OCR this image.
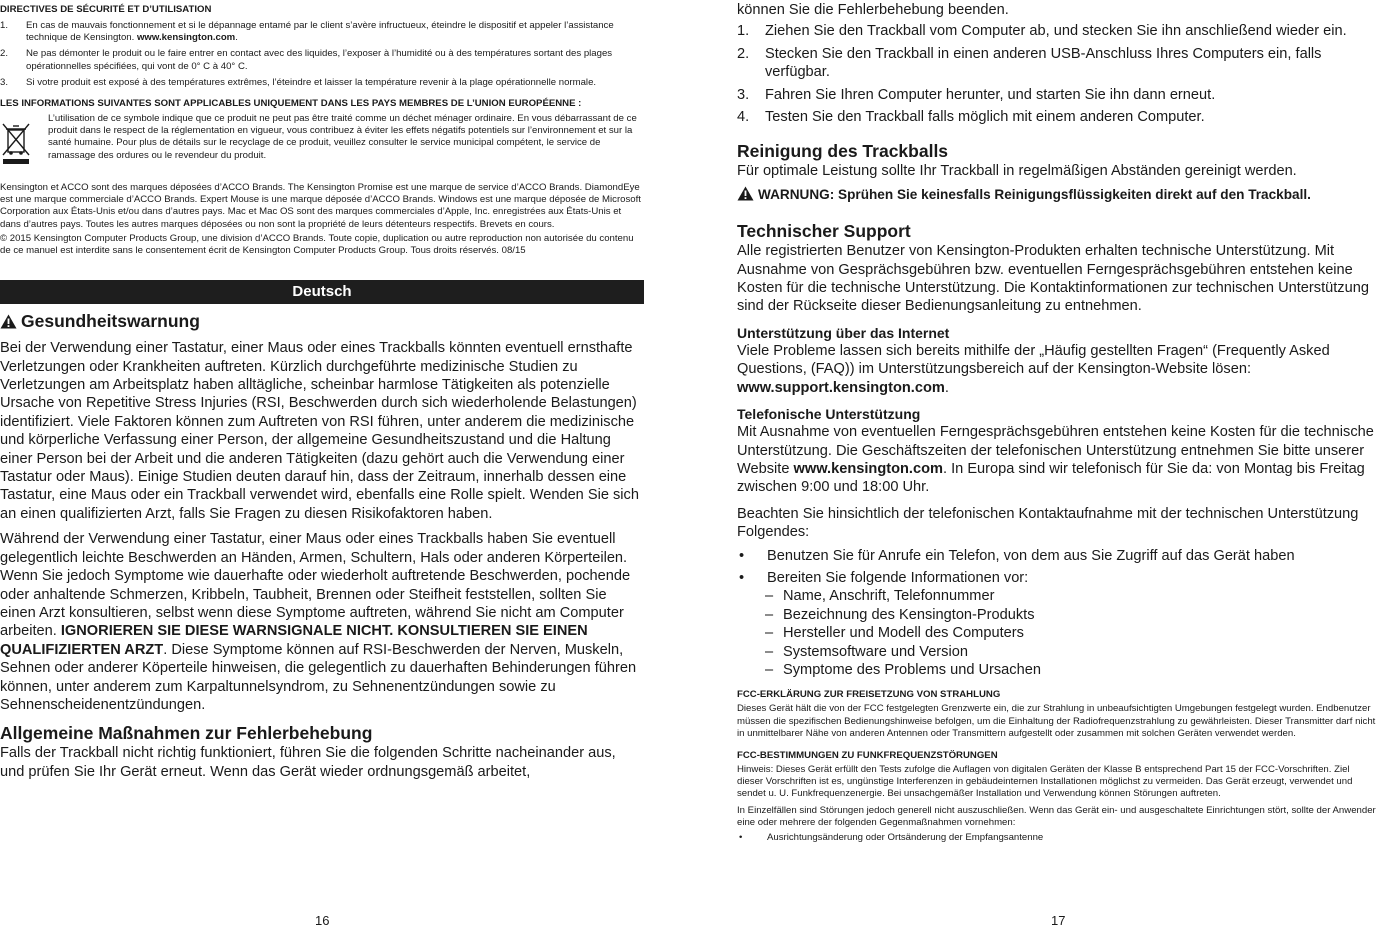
DIRECTIVES DE SÉCURITÉ ET D’UTILISATION

1.	En cas de mauvais fonctionnement et si le dépannage entamé par le client s’avère infructueux, éteindre le dispositif et appeler l’assistance technique de Kensington. www.kensington.com.
2.	Ne pas démonter le produit ou le faire entrer en contact avec des liquides, l’exposer à l’humidité ou à des températures sortant des plages opérationnelles spécifiées, qui vont de 0° C à 40° C.
3.	Si votre produit est exposé à des températures extrêmes, l’éteindre et laisser la température revenir à la plage opérationnelle normale.

LES INFORMATIONS SUIVANTES SONT APPLICABLES UNIQUEMENT DANS LES PAYS MEMBRES DE L’UNION EUROPÉENNE :

L’utilisation de ce symbole indique que ce produit ne peut pas être traité comme un déchet ménager ordinaire. En vous débarrassant de ce produit dans le respect de la réglementation en vigueur, vous contribuez à éviter les effets négatifs potentiels sur l’environnement et sur la santé humaine. Pour plus de détails sur le recyclage de ce produit, veuillez consulter le service municipal compétent, le service de ramassage des ordures ou le revendeur du produit.

Kensington et ACCO sont des marques déposées d’ACCO Brands. The Kensington Promise est une marque de service d’ACCO Brands. DiamondEye est une marque commerciale d’ACCO Brands. Expert Mouse is une marque déposée d’ACCO Brands. Windows est une marque déposée de Microsoft Corporation aux États-Unis et/ou dans d’autres pays. Mac et Mac OS sont des marques commerciales d’Apple, Inc. enregistrées aux États-Unis et dans d’autres pays. Toutes les autres marques déposées ou non sont la propriété de leurs détenteurs respectifs. Brevets en cours.

© 2015 Kensington Computer Products Group, une division d’ACCO Brands. Toute copie, duplication ou autre reproduction non autorisée du contenu de ce manuel est interdite sans le consentement écrit de Kensington Computer Products Group. Tous droits réservés. 08/15

Deutsch

Gesundheitswarnung

Bei der Verwendung einer Tastatur, einer Maus oder eines Trackballs könnten eventuell ernsthafte Verletzungen oder Krankheiten auftreten. Kürzlich durchgeführte medizinische Studien zu Verletzungen am Arbeitsplatz haben alltägliche, scheinbar harmlose Tätigkeiten als potenzielle Ursache von Repetitive Stress Injuries (RSI, Beschwerden durch sich wiederholende Belastungen) identifiziert. Viele Faktoren können zum Auftreten von RSI führen, unter anderem die medizinische und körperliche Verfassung einer Person, der allgemeine Gesundheitszustand und die Haltung einer Person bei der Arbeit und die anderen Tätigkeiten (dazu gehört auch die Verwendung einer Tastatur oder Maus). Einige Studien deuten darauf hin, dass der Zeitraum, innerhalb dessen eine Tastatur, eine Maus oder ein Trackball verwendet wird, ebenfalls eine Rolle spielt. Wenden Sie sich an einen qualifizierten Arzt, falls Sie Fragen zu diesen Risikofaktoren haben.

Während der Verwendung einer Tastatur, einer Maus oder eines Trackballs haben Sie eventuell gelegentlich leichte Beschwerden an Händen, Armen, Schultern, Hals oder anderen Körperteilen. Wenn Sie jedoch Symptome wie dauerhafte oder wiederholt auftretende Beschwerden, pochende oder anhaltende Schmerzen, Kribbeln, Taubheit, Brennen oder Steifheit feststellen, sollten Sie einen Arzt konsultieren, selbst wenn diese Symptome auftreten, während Sie nicht am Computer arbeiten. IGNORIEREN SIE DIESE WARNSIGNALE NICHT. KONSULTIEREN SIE EINEN QUALIFIZIERTEN ARZT. Diese Symptome können auf RSI-Beschwerden der Nerven, Muskeln, Sehnen oder anderer Köperteile hinweisen, die gelegentlich zu dauerhaften Behinderungen führen können, unter anderem zum Karpaltunnelsyndrom, zu Sehnenentzündungen sowie zu Sehnenscheidenentzündungen.

Allgemeine Maßnahmen zur Fehlerbehebung

Falls der Trackball nicht richtig funktioniert, führen Sie die folgenden Schritte nacheinander aus, und prüfen Sie Ihr Gerät erneut. Wenn das Gerät wieder ordnungsgemäß arbeitet,

16

können Sie die Fehlerbehebung beenden.

1.	Ziehen Sie den Trackball vom Computer ab, und stecken Sie ihn anschließend wieder ein.
2.	Stecken Sie den Trackball in einen anderen USB-Anschluss Ihres Computers ein, falls verfügbar.
3.	Fahren Sie Ihren Computer herunter, und starten Sie ihn dann erneut.
4.	Testen Sie den Trackball falls möglich mit einem anderen Computer.

Reinigung des Trackballs

Für optimale Leistung sollte Ihr Trackball in regelmäßigen Abständen gereinigt werden.

WARNUNG: Sprühen Sie keinesfalls Reinigungsflüssigkeiten direkt auf den Trackball.

Technischer Support

Alle registrierten Benutzer von Kensington-Produkten erhalten technische Unterstützung. Mit Ausnahme von Gesprächsgebühren bzw. eventuellen Ferngesprächsgebühren entstehen keine Kosten für die technische Unterstützung. Die Kontaktinformationen zur technischen Unterstützung sind der Rückseite dieser Bedienungsanleitung zu entnehmen.

Unterstützung über das Internet

Viele Probleme lassen sich bereits mithilfe der „Häufig gestellten Fragen“ (Frequently Asked Questions, (FAQ)) im Unterstützungsbereich auf der Kensington-Website lösen: www.support.kensington.com.

Telefonische Unterstützung

Mit Ausnahme von eventuellen Ferngesprächsgebühren entstehen keine Kosten für die technische Unterstützung. Die Geschäftszeiten der telefonischen Unterstützung entnehmen Sie bitte unserer Website www.kensington.com. In Europa sind wir telefonisch für Sie da: von Montag bis Freitag zwischen 9:00 und 18:00 Uhr.

Beachten Sie hinsichtlich der telefonischen Kontaktaufnahme mit der technischen Unterstützung Folgendes:

•	Benutzen Sie für Anrufe ein Telefon, von dem aus Sie Zugriff auf das Gerät haben
•	Bereiten Sie folgende Informationen vor:
– Name, Anschrift, Telefonnummer
– Bezeichnung des Kensington-Produkts
– Hersteller und Modell des Computers
– Systemsoftware und Version
– Symptome des Problems und Ursachen

FCC-ERKLÄRUNG ZUR FREISETZUNG VON STRAHLUNG

Dieses Gerät hält die von der FCC festgelegten Grenzwerte ein, die zur Strahlung in unbeaufsichtigten Umgebungen festgelegt wurden. Endbenutzer müssen die spezifischen Bedienungshinweise befolgen, um die Einhaltung der Radiofrequenzstrahlung zu gewährleisten. Dieser Transmitter darf nicht in unmittelbarer Nähe von anderen Antennen oder Transmittern aufgestellt oder zusammen mit solchen Geräten verwendet werden.

FCC-BESTIMMUNGEN ZU FUNKFREQUENZSTÖRUNGEN

Hinweis: Dieses Gerät erfüllt den Tests zufolge die Auflagen von digitalen Geräten der Klasse B entsprechend Part 15 der FCC-Vorschriften. Ziel dieser Vorschriften ist es, ungünstige Interferenzen in gebäudeinternen Installationen möglichst zu vermeiden. Das Gerät erzeugt, verwendet und sendet u. U. Funkfrequenzenergie. Bei unsachgemäßer Installation und Verwendung können Störungen auftreten.

In Einzelfällen sind Störungen jedoch generell nicht auszuschließen. Wenn das Gerät ein- und ausgeschaltete Einrichtungen stört, sollte der Anwender eine oder mehrere der folgenden Gegenmaßnahmen vornehmen:

•	Ausrichtungsänderung oder Ortsänderung der Empfangsantenne
17
